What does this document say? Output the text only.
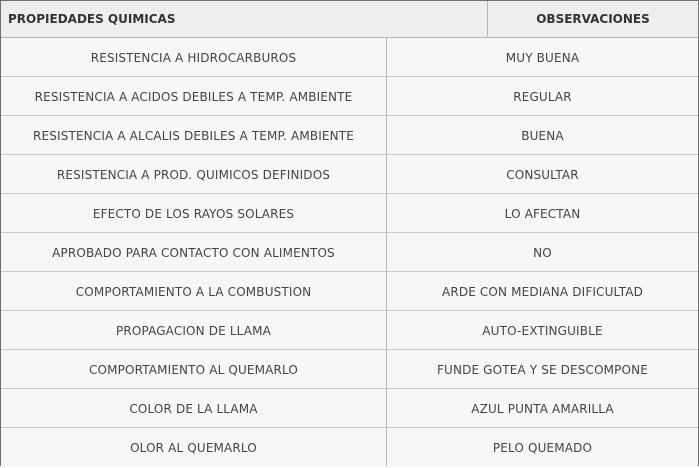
PROPIEDADES QUIMICAS	OBSERVACIONES
RESISTENCIA A HIDROCARBUROS	MUY BUENA
RESISTENCIA A ACIDOS DEBILES A TEMP. AMBIENTE	REGULAR
RESISTENCIA A ALCALIS DEBILES A TEMP. AMBIENTE	BUENA
RESISTENCIA A PROD. QUIMICOS DEFINIDOS	CONSULTAR
EFECTO DE LOS RAYOS SOLARES	LO AFECTAN
APROBADO PARA CONTACTO CON ALIMENTOS	NO
COMPORTAMIENTO A LA COMBUSTION	ARDE CON MEDIANA DIFICULTAD
PROPAGACION DE LLAMA	AUTO-EXTINGUIBLE
COMPORTAMIENTO AL QUEMARLO	FUNDE GOTEA Y SE DESCOMPONE
COLOR DE LA LLAMA	AZUL PUNTA AMARILLA
OLOR AL QUEMARLO	PELO QUEMADO
